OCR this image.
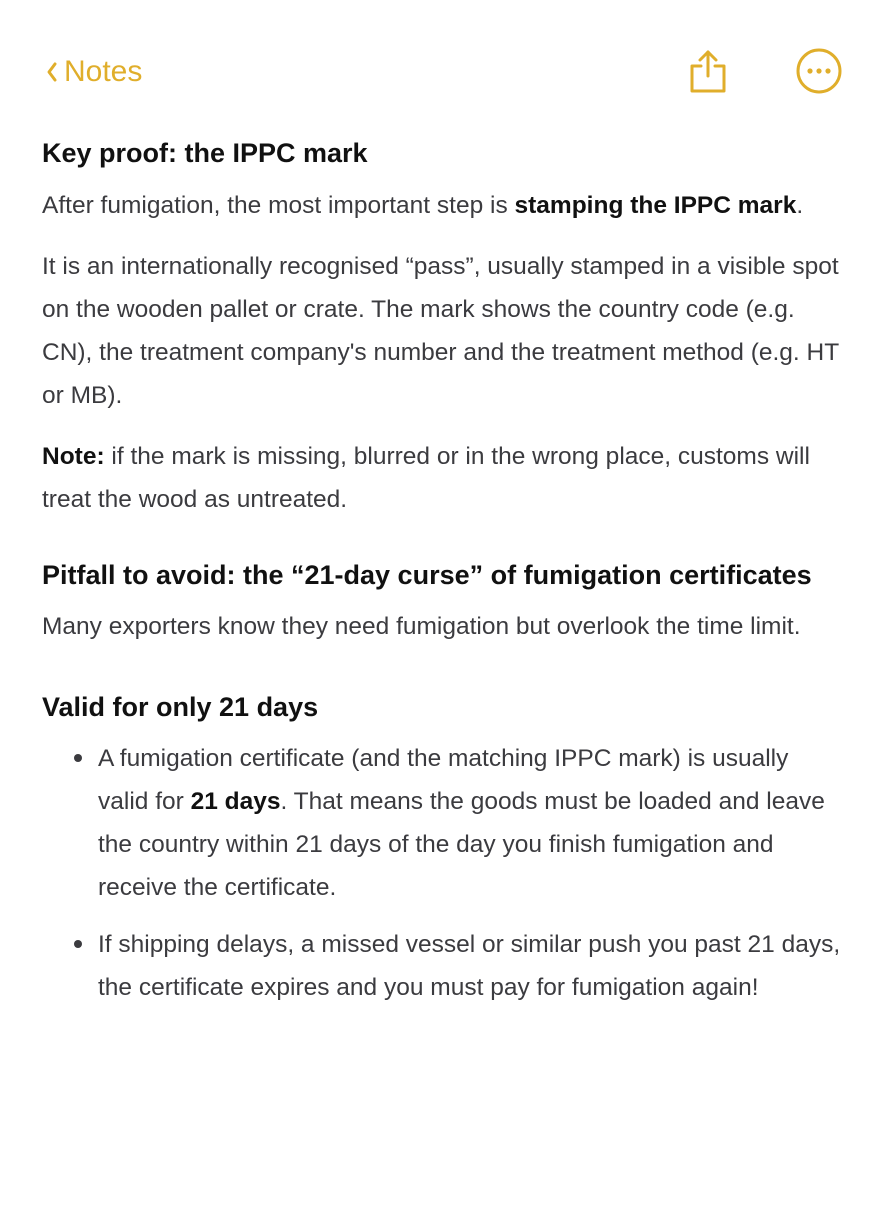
Notes
Key proof: the IPPC mark

After fumigation, the most important step is stamping the IPPC mark.

It is an internationally recognised “pass”, usually stamped in a visible spot on the wooden pallet or crate. The mark shows the country code (e.g. CN), the treatment company's number and the treatment method (e.g. HT or MB).

Note: if the mark is missing, blurred or in the wrong place, customs will treat the wood as untreated.

Pitfall to avoid: the “21-day curse” of fumigation certificates

Many exporters know they need fumigation but overlook the time limit.

Valid for only 21 days
A fumigation certificate (and the matching IPPC mark) is usually valid for 21 days. That means the goods must be loaded and leave the country within 21 days of the day you finish fumigation and receive the certificate.
If shipping delays, a missed vessel or similar push you past 21 days, the certificate expires and you must pay for fumigation again!
